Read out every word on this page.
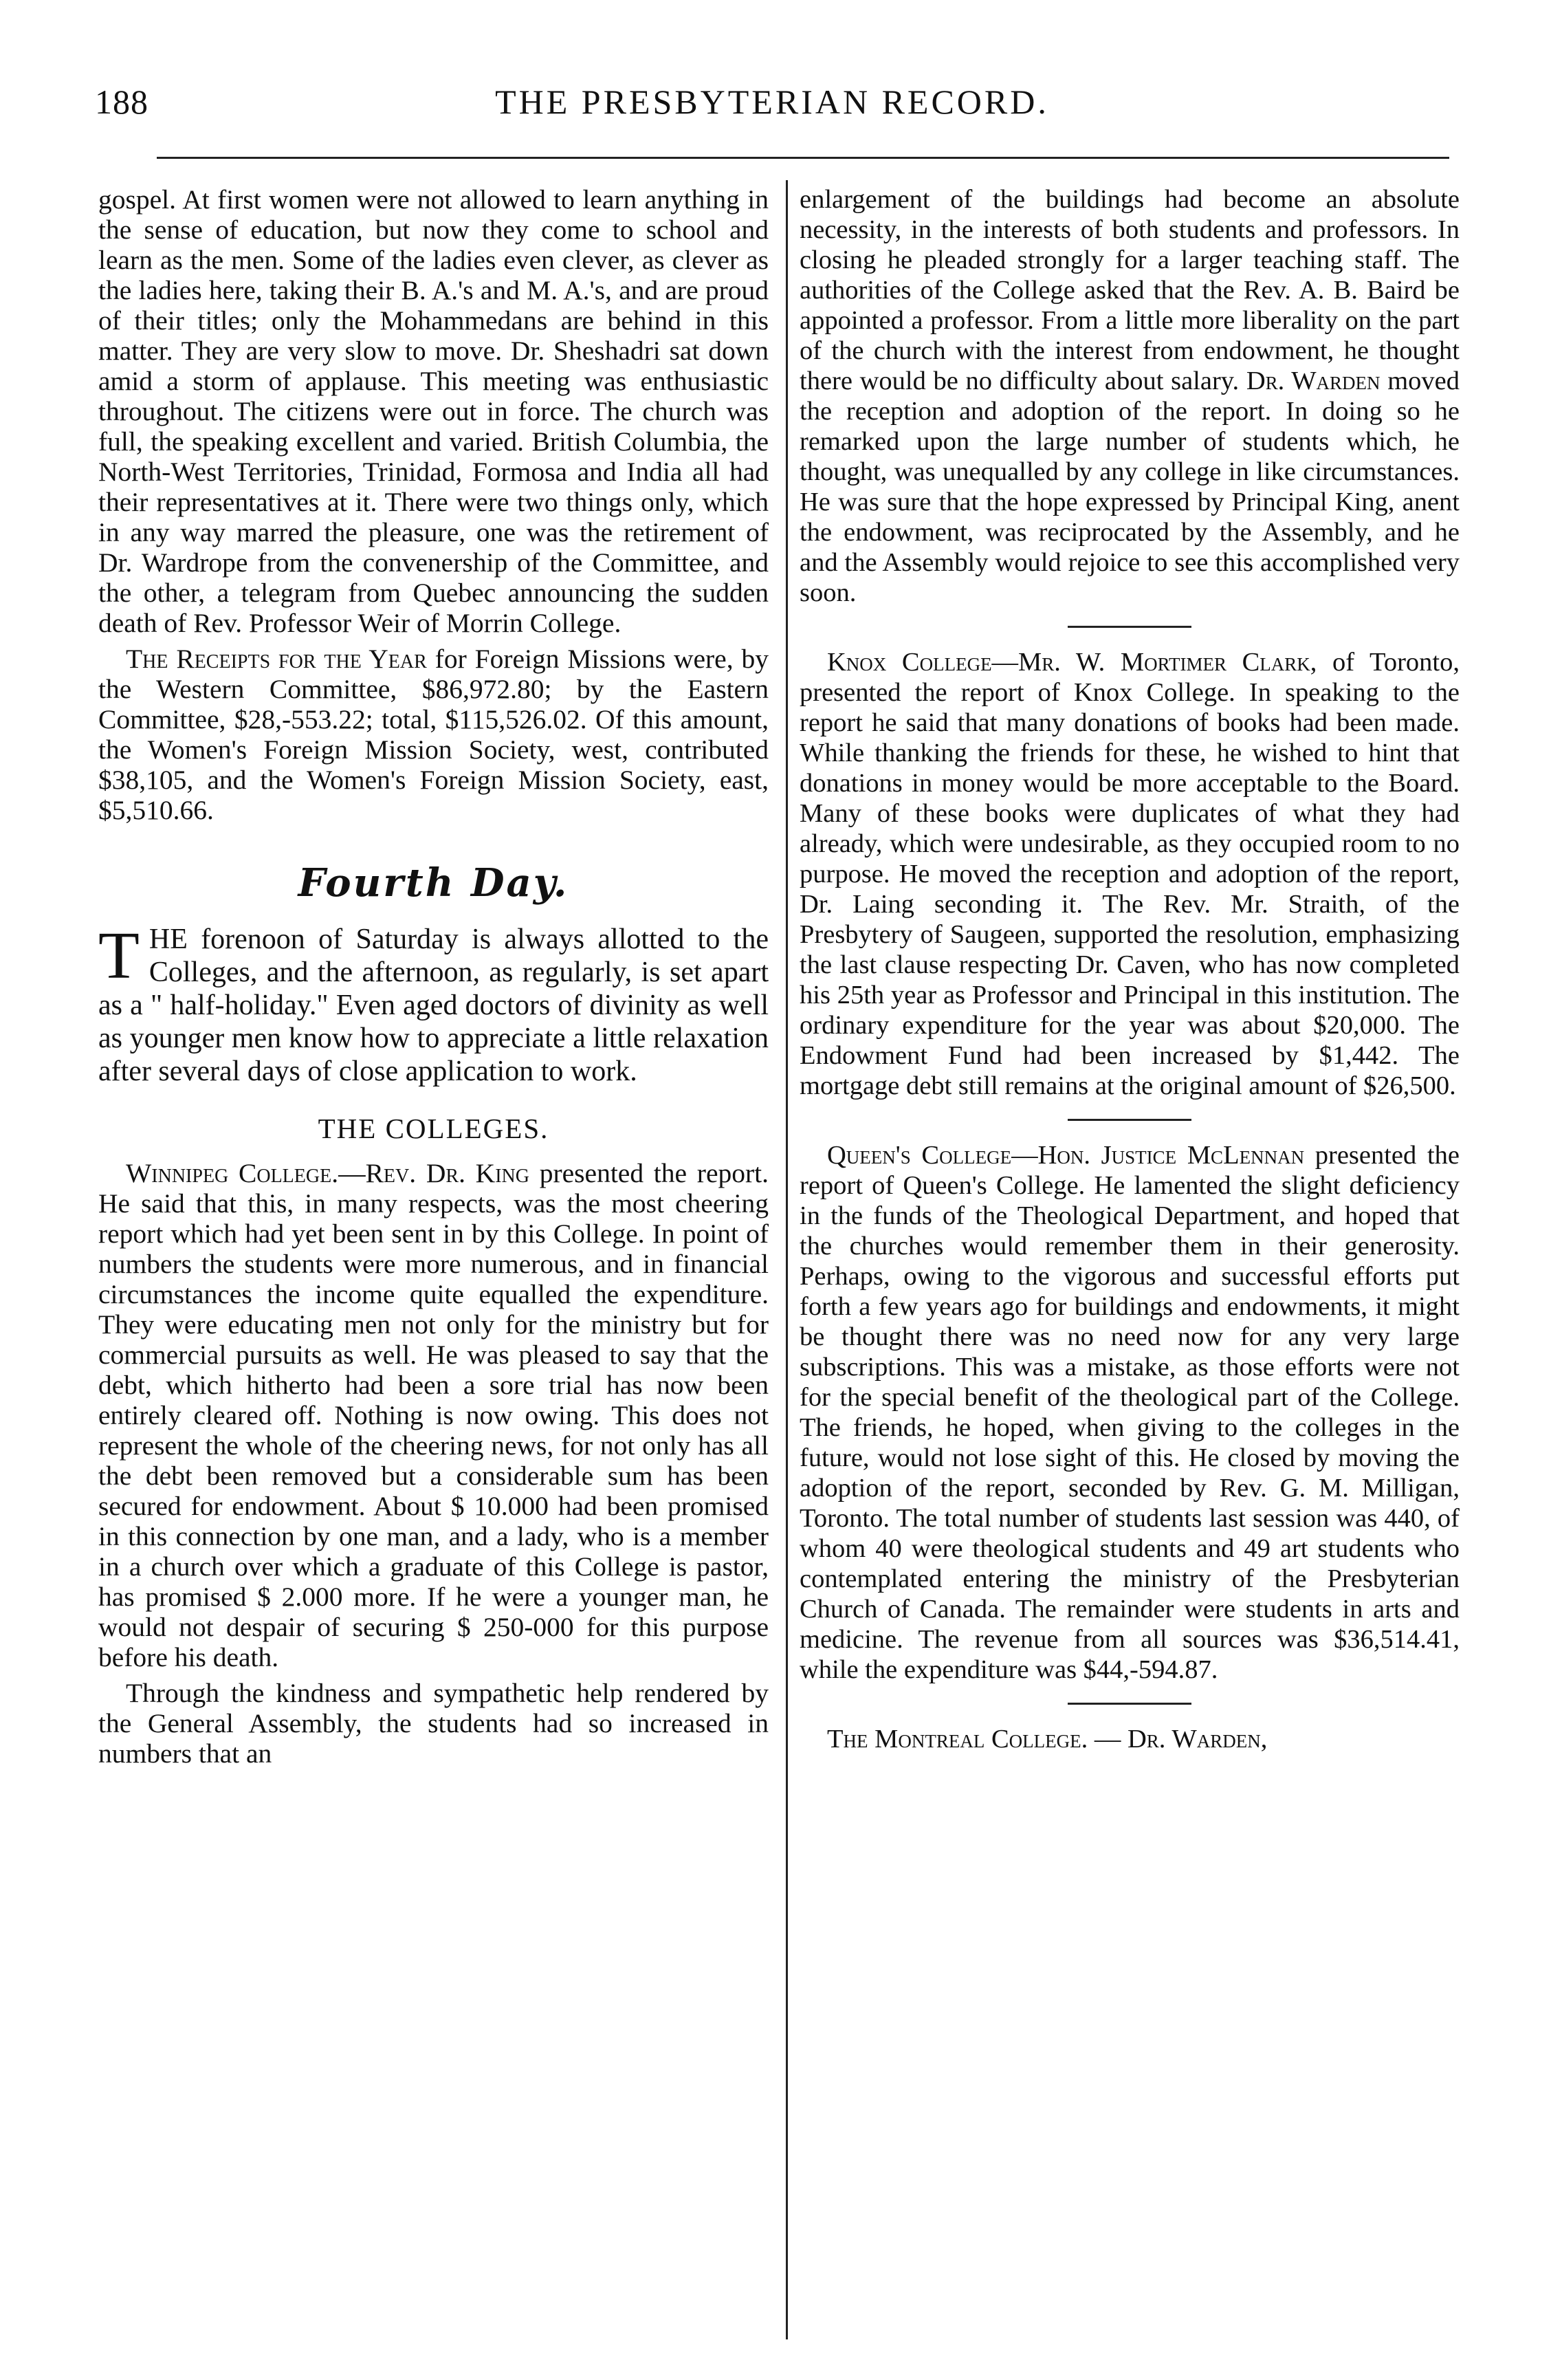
188	THE PRESBYTERIAN RECORD.

gospel. At first women were not allowed to learn anything in the sense of education, but now they come to school and learn as the men. Some of the ladies even clever, as clever as the ladies here, taking their B. A.'s and M. A.'s, and are proud of their titles; only the Mohammedans are behind in this matter. They are very slow to move. Dr. Sheshadri sat down amid a storm of applause. This meeting was enthusiastic throughout. The citizens were out in force. The church was full, the speaking excellent and varied. British Columbia, the North-West Territories, Trinidad, Formosa and India all had their representatives at it. There were two things only, which in any way marred the pleasure, one was the retirement of Dr. Wardrope from the convenership of the Committee, and the other, a telegram from Quebec announcing the sudden death of Rev. Professor Weir of Morrin College.

The Receipts for the Year for Foreign Missions were, by the Western Committee, $86,972.80; by the Eastern Committee, $28,-553.22; total, $115,526.02. Of this amount, the Women's Foreign Mission Society, west, contributed $38,105, and the Women's Foreign Mission Society, east, $5,510.66.

Fourth Day.

THE forenoon of Saturday is always allotted to the Colleges, and the afternoon, as regularly, is set apart as a " half-holiday." Even aged doctors of divinity as well as younger men know how to appreciate a little relaxation after several days of close application to work.

THE COLLEGES.

Winnipeg College.—Rev. Dr. King presented the report. He said that this, in many respects, was the most cheering report which had yet been sent in by this College. In point of numbers the students were more numerous, and in financial circumstances the income quite equalled the expenditure. They were educating men not only for the ministry but for commercial pursuits as well. He was pleased to say that the debt, which hitherto had been a sore trial has now been entirely cleared off. Nothing is now owing. This does not represent the whole of the cheering news, for not only has all the debt been removed but a considerable sum has been secured for endowment. About $ 10.000 had been promised in this connection by one man, and a lady, who is a member in a church over which a graduate of this College is pastor, has promised $ 2.000 more. If he were a younger man, he would not despair of securing $ 250-000 for this purpose before his death.

Through the kindness and sympathetic help rendered by the General Assembly, the students had so increased in numbers that an

enlargement of the buildings had become an absolute necessity, in the interests of both students and professors. In closing he pleaded strongly for a larger teaching staff. The authorities of the College asked that the Rev. A. B. Baird be appointed a professor. From a little more liberality on the part of the church with the interest from endowment, he thought there would be no difficulty about salary. Dr. Warden moved the reception and adoption of the report. In doing so he remarked upon the large number of students which, he thought, was unequalled by any college in like circumstances. He was sure that the hope expressed by Principal King, anent the endowment, was reciprocated by the Assembly, and he and the Assembly would rejoice to see this accomplished very soon.

Knox College—Mr. W. Mortimer Clark, of Toronto, presented the report of Knox College. In speaking to the report he said that many donations of books had been made. While thanking the friends for these, he wished to hint that donations in money would be more acceptable to the Board. Many of these books were duplicates of what they had already, which were undesirable, as they occupied room to no purpose. He moved the reception and adoption of the report, Dr. Laing seconding it. The Rev. Mr. Straith, of the Presbytery of Saugeen, supported the resolution, emphasizing the last clause respecting Dr. Caven, who has now completed his 25th year as Professor and Principal in this institution. The ordinary expenditure for the year was about $20,000. The Endowment Fund had been increased by $1,442. The mortgage debt still remains at the original amount of $26,500.

Queen's College—Hon. Justice McLennan presented the report of Queen's College. He lamented the slight deficiency in the funds of the Theological Department, and hoped that the churches would remember them in their generosity. Perhaps, owing to the vigorous and successful efforts put forth a few years ago for buildings and endowments, it might be thought there was no need now for any very large subscriptions. This was a mistake, as those efforts were not for the special benefit of the theological part of the College. The friends, he hoped, when giving to the colleges in the future, would not lose sight of this. He closed by moving the adoption of the report, seconded by Rev. G. M. Milligan, Toronto. The total number of students last session was 440, of whom 40 were theological students and 49 art students who contemplated entering the ministry of the Presbyterian Church of Canada. The remainder were students in arts and medicine. The revenue from all sources was $36,514.41, while the expenditure was $44,-594.87.

The Montreal College. — Dr. Warden,
